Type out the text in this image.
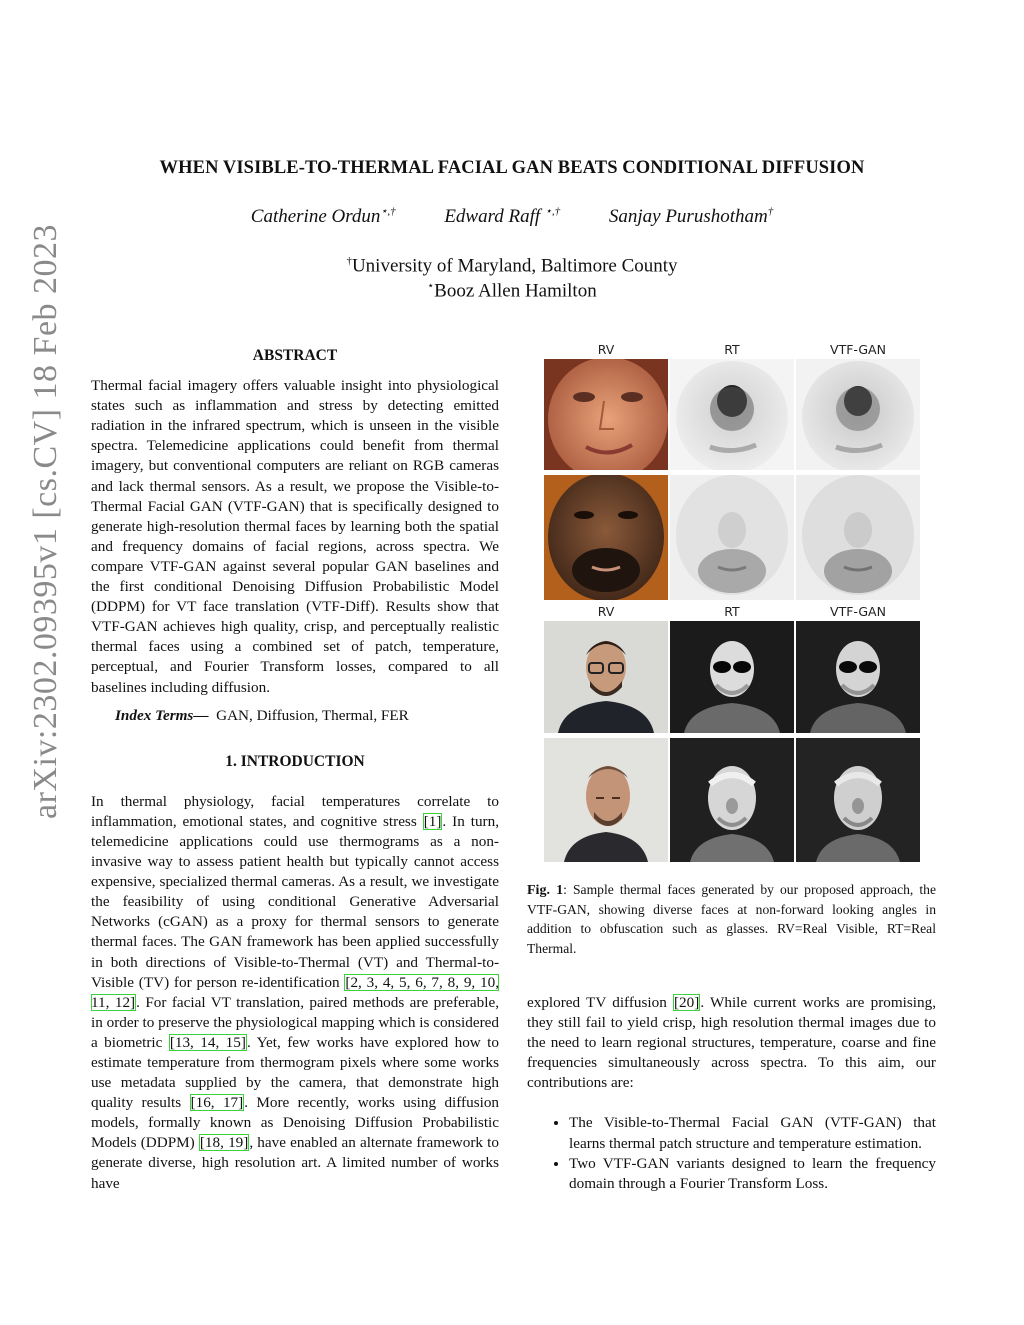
arXiv:2302.09395v1 [cs.CV] 18 Feb 2023
WHEN VISIBLE-TO-THERMAL FACIAL GAN BEATS CONDITIONAL DIFFUSION
Catherine Ordun⋆,†	Edward Raff ⋆,†	Sanjay Purushotham†
†University of Maryland, Baltimore County
⋆Booz Allen Hamilton
ABSTRACT
Thermal facial imagery offers valuable insight into physiological states such as inflammation and stress by detecting emitted radiation in the infrared spectrum, which is unseen in the visible spectra. Telemedicine applications could benefit from thermal imagery, but conventional computers are reliant on RGB cameras and lack thermal sensors. As a result, we propose the Visible-to-Thermal Facial GAN (VTF-GAN) that is specifically designed to generate high-resolution thermal faces by learning both the spatial and frequency domains of facial regions, across spectra. We compare VTF-GAN against several popular GAN baselines and the first conditional Denoising Diffusion Probabilistic Model (DDPM) for VT face translation (VTF-Diff). Results show that VTF-GAN achieves high quality, crisp, and perceptually realistic thermal faces using a combined set of patch, temperature, perceptual, and Fourier Transform losses, compared to all baselines including diffusion.
Index Terms— GAN, Diffusion, Thermal, FER
1. INTRODUCTION
In thermal physiology, facial temperatures correlate to inflammation, emotional states, and cognitive stress [1]. In turn, telemedicine applications could use thermograms as a non-invasive way to assess patient health but typically cannot access expensive, specialized thermal cameras. As a result, we investigate the feasibility of using conditional Generative Adversarial Networks (cGAN) as a proxy for thermal sensors to generate thermal faces. The GAN framework has been applied successfully in both directions of Visible-to-Thermal (VT) and Thermal-to-Visible (TV) for person re-identification [2, 3, 4, 5, 6, 7, 8, 9, 10, 11, 12]. For facial VT translation, paired methods are preferable, in order to preserve the physiological mapping which is considered a biometric [13, 14, 15]. Yet, few works have explored how to estimate temperature from thermogram pixels where some works use metadata supplied by the camera, that demonstrate high quality results [16, 17]. More recently, works using diffusion models, formally known as Denoising Diffusion Probabilistic Models (DDPM) [18, 19], have enabled an alternate framework to generate diverse, high resolution art. A limited number of works have
RV	RT	VTF-GAN
RV	RT	VTF-GAN
Fig. 1: Sample thermal faces generated by our proposed approach, the VTF-GAN, showing diverse faces at non-forward looking angles in addition to obfuscation such as glasses. RV=Real Visible, RT=Real Thermal.
explored TV diffusion [20]. While current works are promising, they still fail to yield crisp, high resolution thermal images due to the need to learn regional structures, temperature, coarse and fine frequencies simultaneously across spectra. To this aim, our contributions are:
• The Visible-to-Thermal Facial GAN (VTF-GAN) that learns thermal patch structure and temperature estimation.
• Two VTF-GAN variants designed to learn the frequency domain through a Fourier Transform Loss.
